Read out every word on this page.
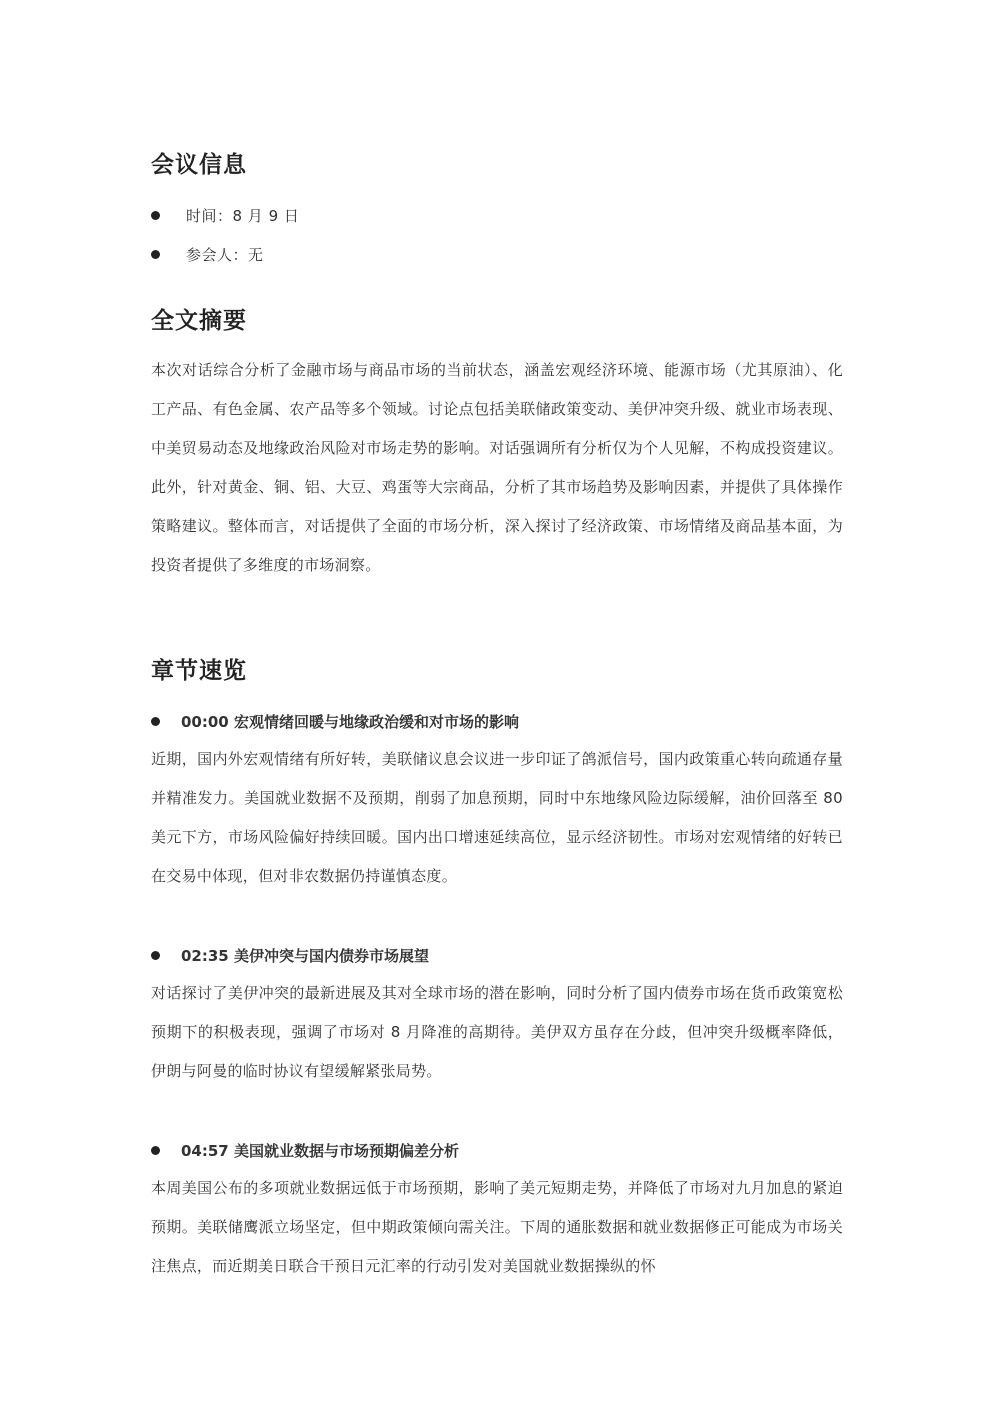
会议信息
时间：8 月 9 日
参会人：无
全文摘要

本次对话综合分析了金融市场与商品市场的当前状态，涵盖宏观经济环境、能源市场（尤其原油）、化工产品、有色金属、农产品等多个领域。讨论点包括美联储政策变动、美伊冲突升级、就业市场表现、中美贸易动态及地缘政治风险对市场走势的影响。对话强调所有分析仅为个人见解，不构成投资建议。此外，针对黄金、铜、铝、大豆、鸡蛋等大宗商品，分析了其市场趋势及影响因素，并提供了具体操作策略建议。整体而言，对话提供了全面的市场分析，深入探讨了经济政策、市场情绪及商品基本面，为投资者提供了多维度的市场洞察。

章节速览
00:00 宏观情绪回暖与地缘政治缓和对市场的影响

近期，国内外宏观情绪有所好转，美联储议息会议进一步印证了鸽派信号，国内政策重心转向疏通存量并精准发力。美国就业数据不及预期，削弱了加息预期，同时中东地缘风险边际缓解，油价回落至 80 美元下方，市场风险偏好持续回暖。国内出口增速延续高位，显示经济韧性。市场对宏观情绪的好转已在交易中体现，但对非农数据仍持谨慎态度。

02:35 美伊冲突与国内债券市场展望

对话探讨了美伊冲突的最新进展及其对全球市场的潜在影响，同时分析了国内债券市场在货币政策宽松预期下的积极表现，强调了市场对 8 月降准的高期待。美伊双方虽存在分歧，但冲突升级概率降低，伊朗与阿曼的临时协议有望缓解紧张局势。

04:57 美国就业数据与市场预期偏差分析

本周美国公布的多项就业数据远低于市场预期，影响了美元短期走势，并降低了市场对九月加息的紧迫预期。美联储鹰派立场坚定，但中期政策倾向需关注。下周的通胀数据和就业数据修正可能成为市场关注焦点，而近期美日联合干预日元汇率的行动引发对美国就业数据操纵的怀
